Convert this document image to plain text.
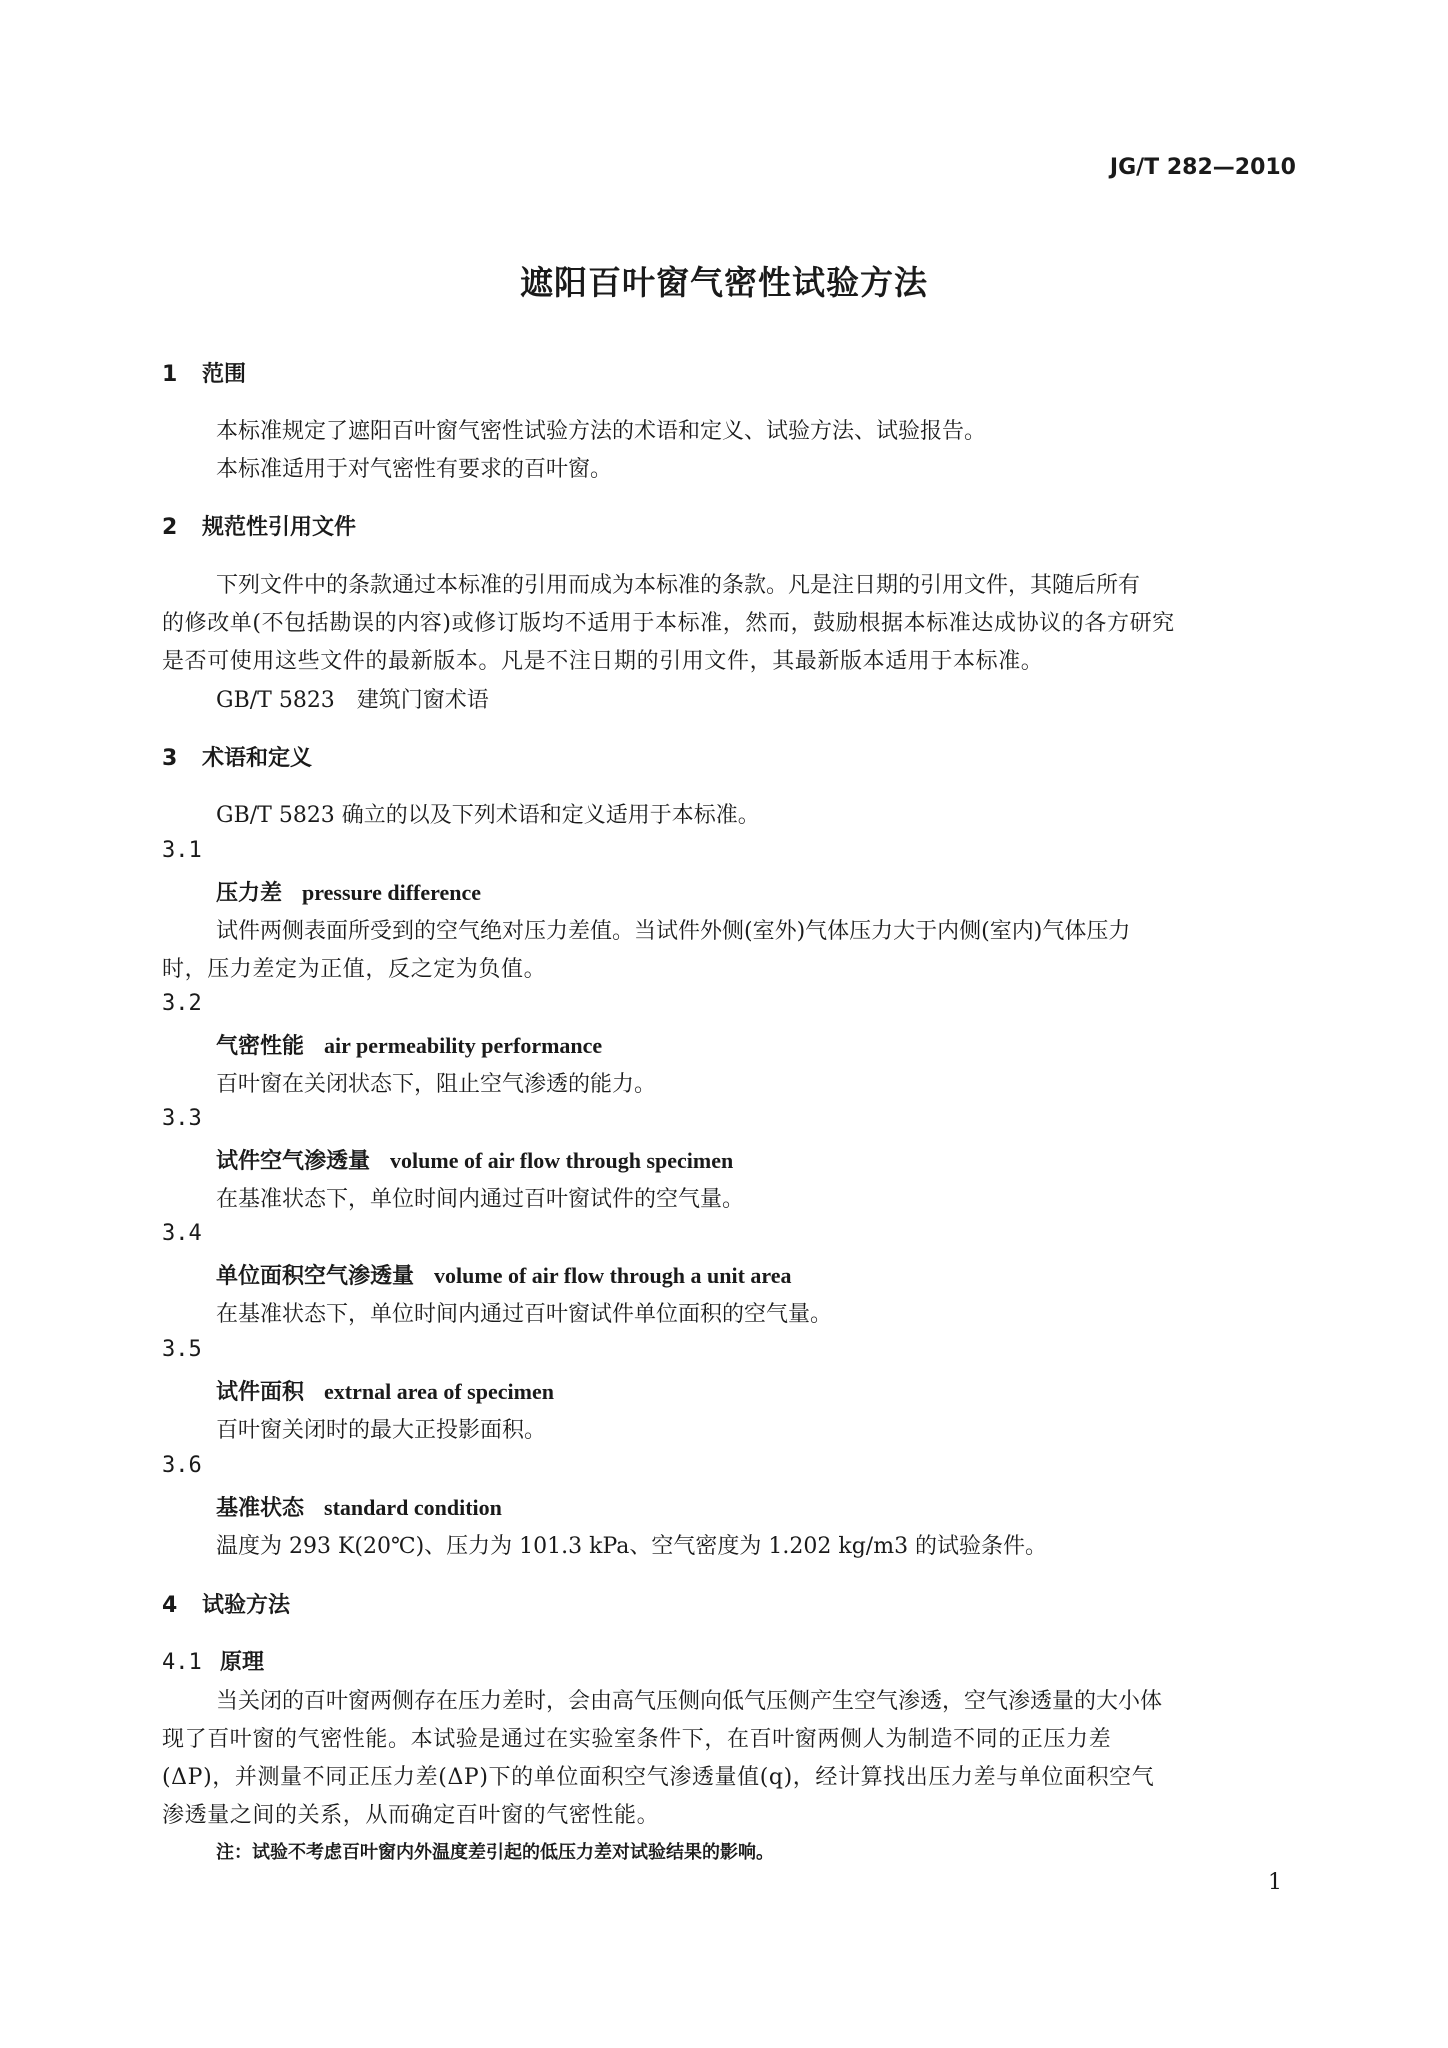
JG/T 282—2010
遮阳百叶窗气密性试验方法
1 范围
本标准规定了遮阳百叶窗气密性试验方法的术语和定义、试验方法、试验报告。
本标准适用于对气密性有要求的百叶窗。
2 规范性引用文件
下列文件中的条款通过本标准的引用而成为本标准的条款。凡是注日期的引用文件，其随后所有
的修改单(不包括勘误的内容)或修订版均不适用于本标准，然而，鼓励根据本标准达成协议的各方研究
是否可使用这些文件的最新版本。凡是不注日期的引用文件，其最新版本适用于本标准。
GB/T 5823　建筑门窗术语
3 术语和定义
GB/T 5823 确立的以及下列术语和定义适用于本标准。
3.1
压力差 pressure difference
试件两侧表面所受到的空气绝对压力差值。当试件外侧(室外)气体压力大于内侧(室内)气体压力
时，压力差定为正值，反之定为负值。
3.2
气密性能 air permeability performance
百叶窗在关闭状态下，阻止空气渗透的能力。
3.3
试件空气渗透量 volume of air flow through specimen
在基准状态下，单位时间内通过百叶窗试件的空气量。
3.4
单位面积空气渗透量 volume of air flow through a unit area
在基准状态下，单位时间内通过百叶窗试件单位面积的空气量。
3.5
试件面积 extrnal area of specimen
百叶窗关闭时的最大正投影面积。
3.6
基准状态 standard condition
温度为 293 K(20℃)、压力为 101.3 kPa、空气密度为 1.202 kg/m3 的试验条件。
4 试验方法
4.1 原理
当关闭的百叶窗两侧存在压力差时，会由高气压侧向低气压侧产生空气渗透，空气渗透量的大小体
现了百叶窗的气密性能。本试验是通过在实验室条件下，在百叶窗两侧人为制造不同的正压力差
(ΔP)，并测量不同正压力差(ΔP)下的单位面积空气渗透量值(q)，经计算找出压力差与单位面积空气
渗透量之间的关系，从而确定百叶窗的气密性能。
注：试验不考虑百叶窗内外温度差引起的低压力差对试验结果的影响。
1
